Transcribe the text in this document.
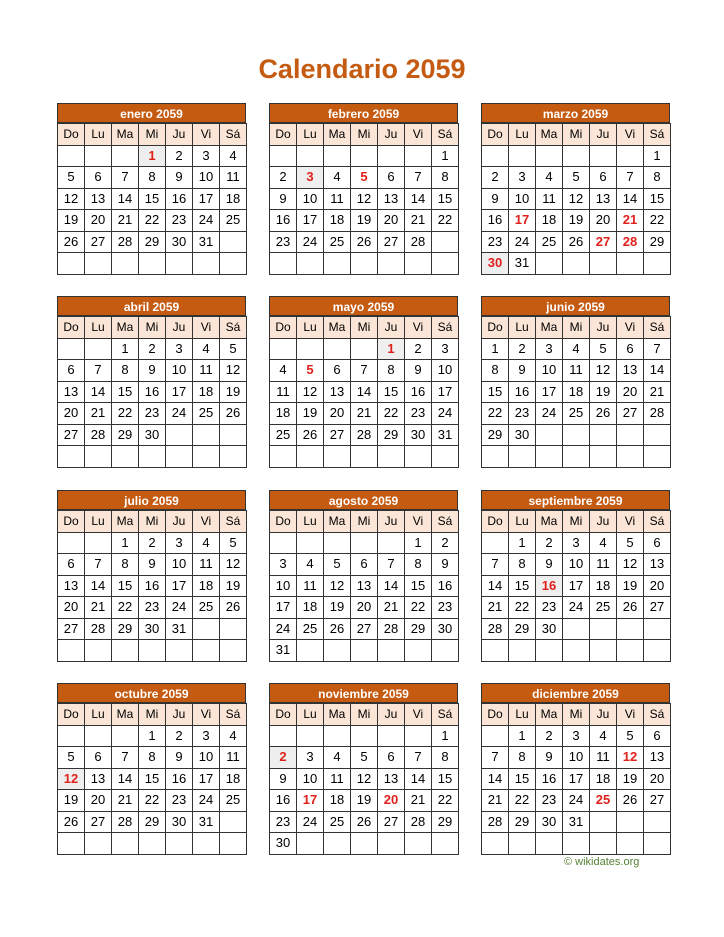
Calendario 2059
enero 2059
Do	Lu	Ma	Mi	Ju	Vi	Sá
			1	2	3	4
5	6	7	8	9	10	11
12	13	14	15	16	17	18
19	20	21	22	23	24	25
26	27	28	29	30	31	

febrero 2059
Do	Lu	Ma	Mi	Ju	Vi	Sá
						1
2	3	4	5	6	7	8
9	10	11	12	13	14	15
16	17	18	19	20	21	22
23	24	25	26	27	28	

marzo 2059
Do	Lu	Ma	Mi	Ju	Vi	Sá
						1
2	3	4	5	6	7	8
9	10	11	12	13	14	15
16	17	18	19	20	21	22
23	24	25	26	27	28	29
30	31					
abril 2059
Do	Lu	Ma	Mi	Ju	Vi	Sá
		1	2	3	4	5
6	7	8	9	10	11	12
13	14	15	16	17	18	19
20	21	22	23	24	25	26
27	28	29	30			

mayo 2059
Do	Lu	Ma	Mi	Ju	Vi	Sá
				1	2	3
4	5	6	7	8	9	10
11	12	13	14	15	16	17
18	19	20	21	22	23	24
25	26	27	28	29	30	31

junio 2059
Do	Lu	Ma	Mi	Ju	Vi	Sá
1	2	3	4	5	6	7
8	9	10	11	12	13	14
15	16	17	18	19	20	21
22	23	24	25	26	27	28
29	30					

julio 2059
Do	Lu	Ma	Mi	Ju	Vi	Sá
		1	2	3	4	5
6	7	8	9	10	11	12
13	14	15	16	17	18	19
20	21	22	23	24	25	26
27	28	29	30	31		

agosto 2059
Do	Lu	Ma	Mi	Ju	Vi	Sá
					1	2
3	4	5	6	7	8	9
10	11	12	13	14	15	16
17	18	19	20	21	22	23
24	25	26	27	28	29	30
31						
septiembre 2059
Do	Lu	Ma	Mi	Ju	Vi	Sá
	1	2	3	4	5	6
7	8	9	10	11	12	13
14	15	16	17	18	19	20
21	22	23	24	25	26	27
28	29	30				

octubre 2059
Do	Lu	Ma	Mi	Ju	Vi	Sá
			1	2	3	4
5	6	7	8	9	10	11
12	13	14	15	16	17	18
19	20	21	22	23	24	25
26	27	28	29	30	31	

noviembre 2059
Do	Lu	Ma	Mi	Ju	Vi	Sá
						1
2	3	4	5	6	7	8
9	10	11	12	13	14	15
16	17	18	19	20	21	22
23	24	25	26	27	28	29
30						
diciembre 2059
Do	Lu	Ma	Mi	Ju	Vi	Sá
	1	2	3	4	5	6
7	8	9	10	11	12	13
14	15	16	17	18	19	20
21	22	23	24	25	26	27
28	29	30	31			

© wikidates.org
